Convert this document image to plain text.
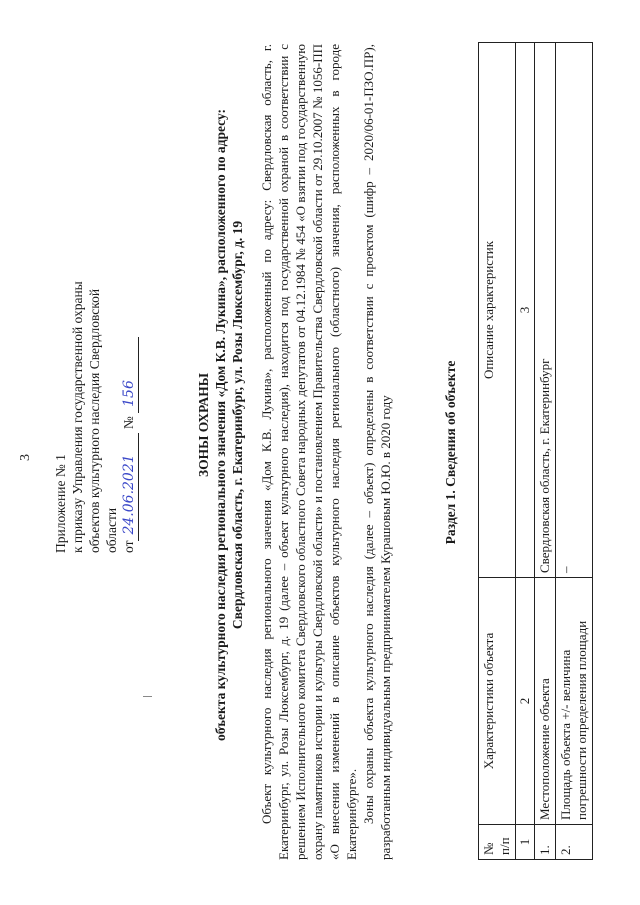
3 Приложение № 1 к приказу Управления государственной охраны объектов культурного наследия Свердловской области от24.06.2021 № 156	ЗОНЫ ОХРАНЫ объекта культурного наследия регионального значения «Дом К.В. Лукина», расположенного по адресу: Свердловская область, г. Екатеринбург, ул. Розы Люксембург, д. 19 Объект культурного наследия регионального значения «Дом К.В. Лукина», расположенный по адресу: Свердловская область, г. Екатеринбург, ул. Розы Люксембург, д. 19 (далее – объект культурного наследия), находится под государственной охраной в соответствии с решением Исполнительного комитета Свердловского областного Совета народных депутатов от 04.12.1984 № 454 «О взятии под государственную охрану памятников истории и культуры Свердловской области» и постановлением Правительства Свердловской области от 29.10.2007 № 1056-ПП «О внесении изменений в описание объектов культурного наследия регионального (областного) значения, расположенных в городе Екатеринбурге». Зоны охраны объекта культурного наследия (далее – объект) определены в соответствии с проектом (шифр – 2020/06-01-ПЗО.ПР), разработанным индивидуальным предпринимателем Курашовым Ю.Ю. в 2020 году	Раздел 1. Сведения об объекте
№ п/п	Характеристики объекта	Описание характеристик
1	2	3
1.	Местоположение объекта	Свердловская область, г. Екатеринбург
2.	Площадь объекта +/- величина погрешности определения площади	–
